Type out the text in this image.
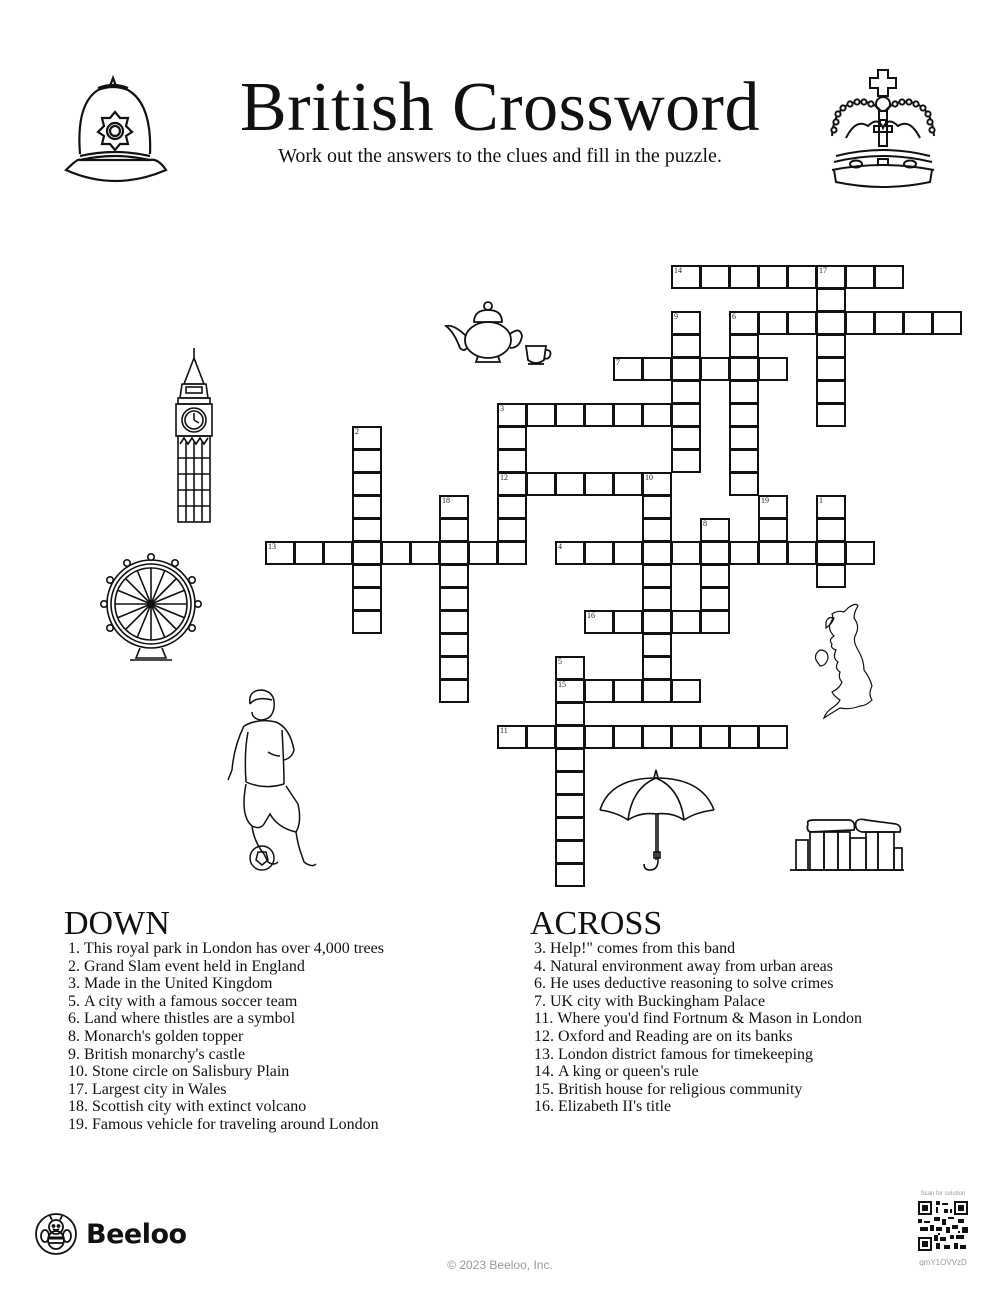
British Crossword
Work out the answers to the clues and fill in the puzzle.
14	17
9	6
7
3
12
2
10
18	19	1
8
13	4
16
5
15
11
DOWN
1. This royal park in London has over 4,000 trees
2. Grand Slam event held in England
3. Made in the United Kingdom
5. A city with a famous soccer team
6. Land where thistles are a symbol
8. Monarch's golden topper
9. British monarchy's castle
10. Stone circle on Salisbury Plain
17. Largest city in Wales
18. Scottish city with extinct volcano
19. Famous vehicle for traveling around London
ACROSS
3. Help!" comes from this band
4. Natural environment away from urban areas
6. He uses deductive reasoning to solve crimes
7. UK city with Buckingham Palace
11. Where you'd find Fortnum & Mason in London
12. Oxford and Reading are on its banks
13. London district famous for timekeeping
14. A king or queen's rule
15. British house for religious community
16. Elizabeth II's title
Beeloo
© 2023 Beeloo, Inc.
Scan for solution
qmY1OVVzD
